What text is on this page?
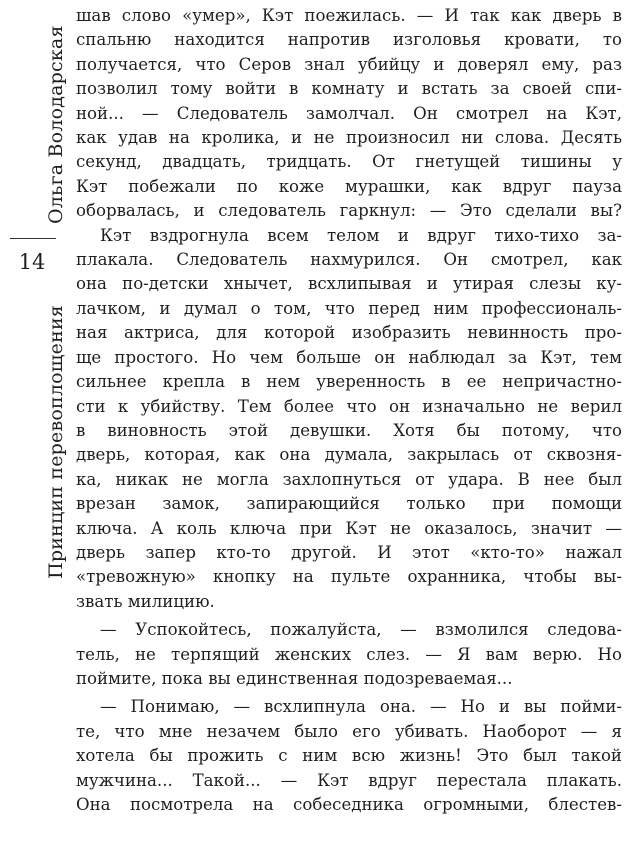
Ольга Володарская
14
Принцип перевоплощения
шав слово «умер», Кэт поежилась. — И так как дверь в
спальню находится напротив изголовья кровати, то
получается, что Серов знал убийцу и доверял ему, раз
позволил тому войти в комнату и встать за своей спи-
ной... — Следователь замолчал. Он смотрел на Кэт,
как удав на кролика, и не произносил ни слова. Десять
секунд, двадцать, тридцать. От гнетущей тишины у
Кэт побежали по коже мурашки, как вдруг пауза
оборвалась, и следователь гаркнул: — Это сделали вы?
Кэт вздрогнула всем телом и вдруг тихо-тихо за-
плакала. Следователь нахмурился. Он смотрел, как
она по-детски хнычет, всхлипывая и утирая слезы ку-
лачком, и думал о том, что перед ним профессиональ-
ная актриса, для которой изобразить невинность про-
ще простого. Но чем больше он наблюдал за Кэт, тем
сильнее крепла в нем уверенность в ее непричастно-
сти к убийству. Тем более что он изначально не верил
в виновность этой девушки. Хотя бы потому, что
дверь, которая, как она думала, закрылась от сквозня-
ка, никак не могла захлопнуться от удара. В нее был
врезан замок, запирающийся только при помощи
ключа. А коль ключа при Кэт не оказалось, значит —
дверь запер кто-то другой. И этот «кто-то» нажал
«тревожную» кнопку на пульте охранника, чтобы вы-
звать милицию.
— Успокойтесь, пожалуйста, — взмолился следова-
тель, не терпящий женских слез. — Я вам верю. Но
поймите, пока вы единственная подозреваемая...
— Понимаю, — всхлипнула она. — Но и вы пойми-
те, что мне незачем было его убивать. Наоборот — я
хотела бы прожить с ним всю жизнь! Это был такой
мужчина... Такой... — Кэт вдруг перестала плакать.
Она посмотрела на собеседника огромными, блестев-
